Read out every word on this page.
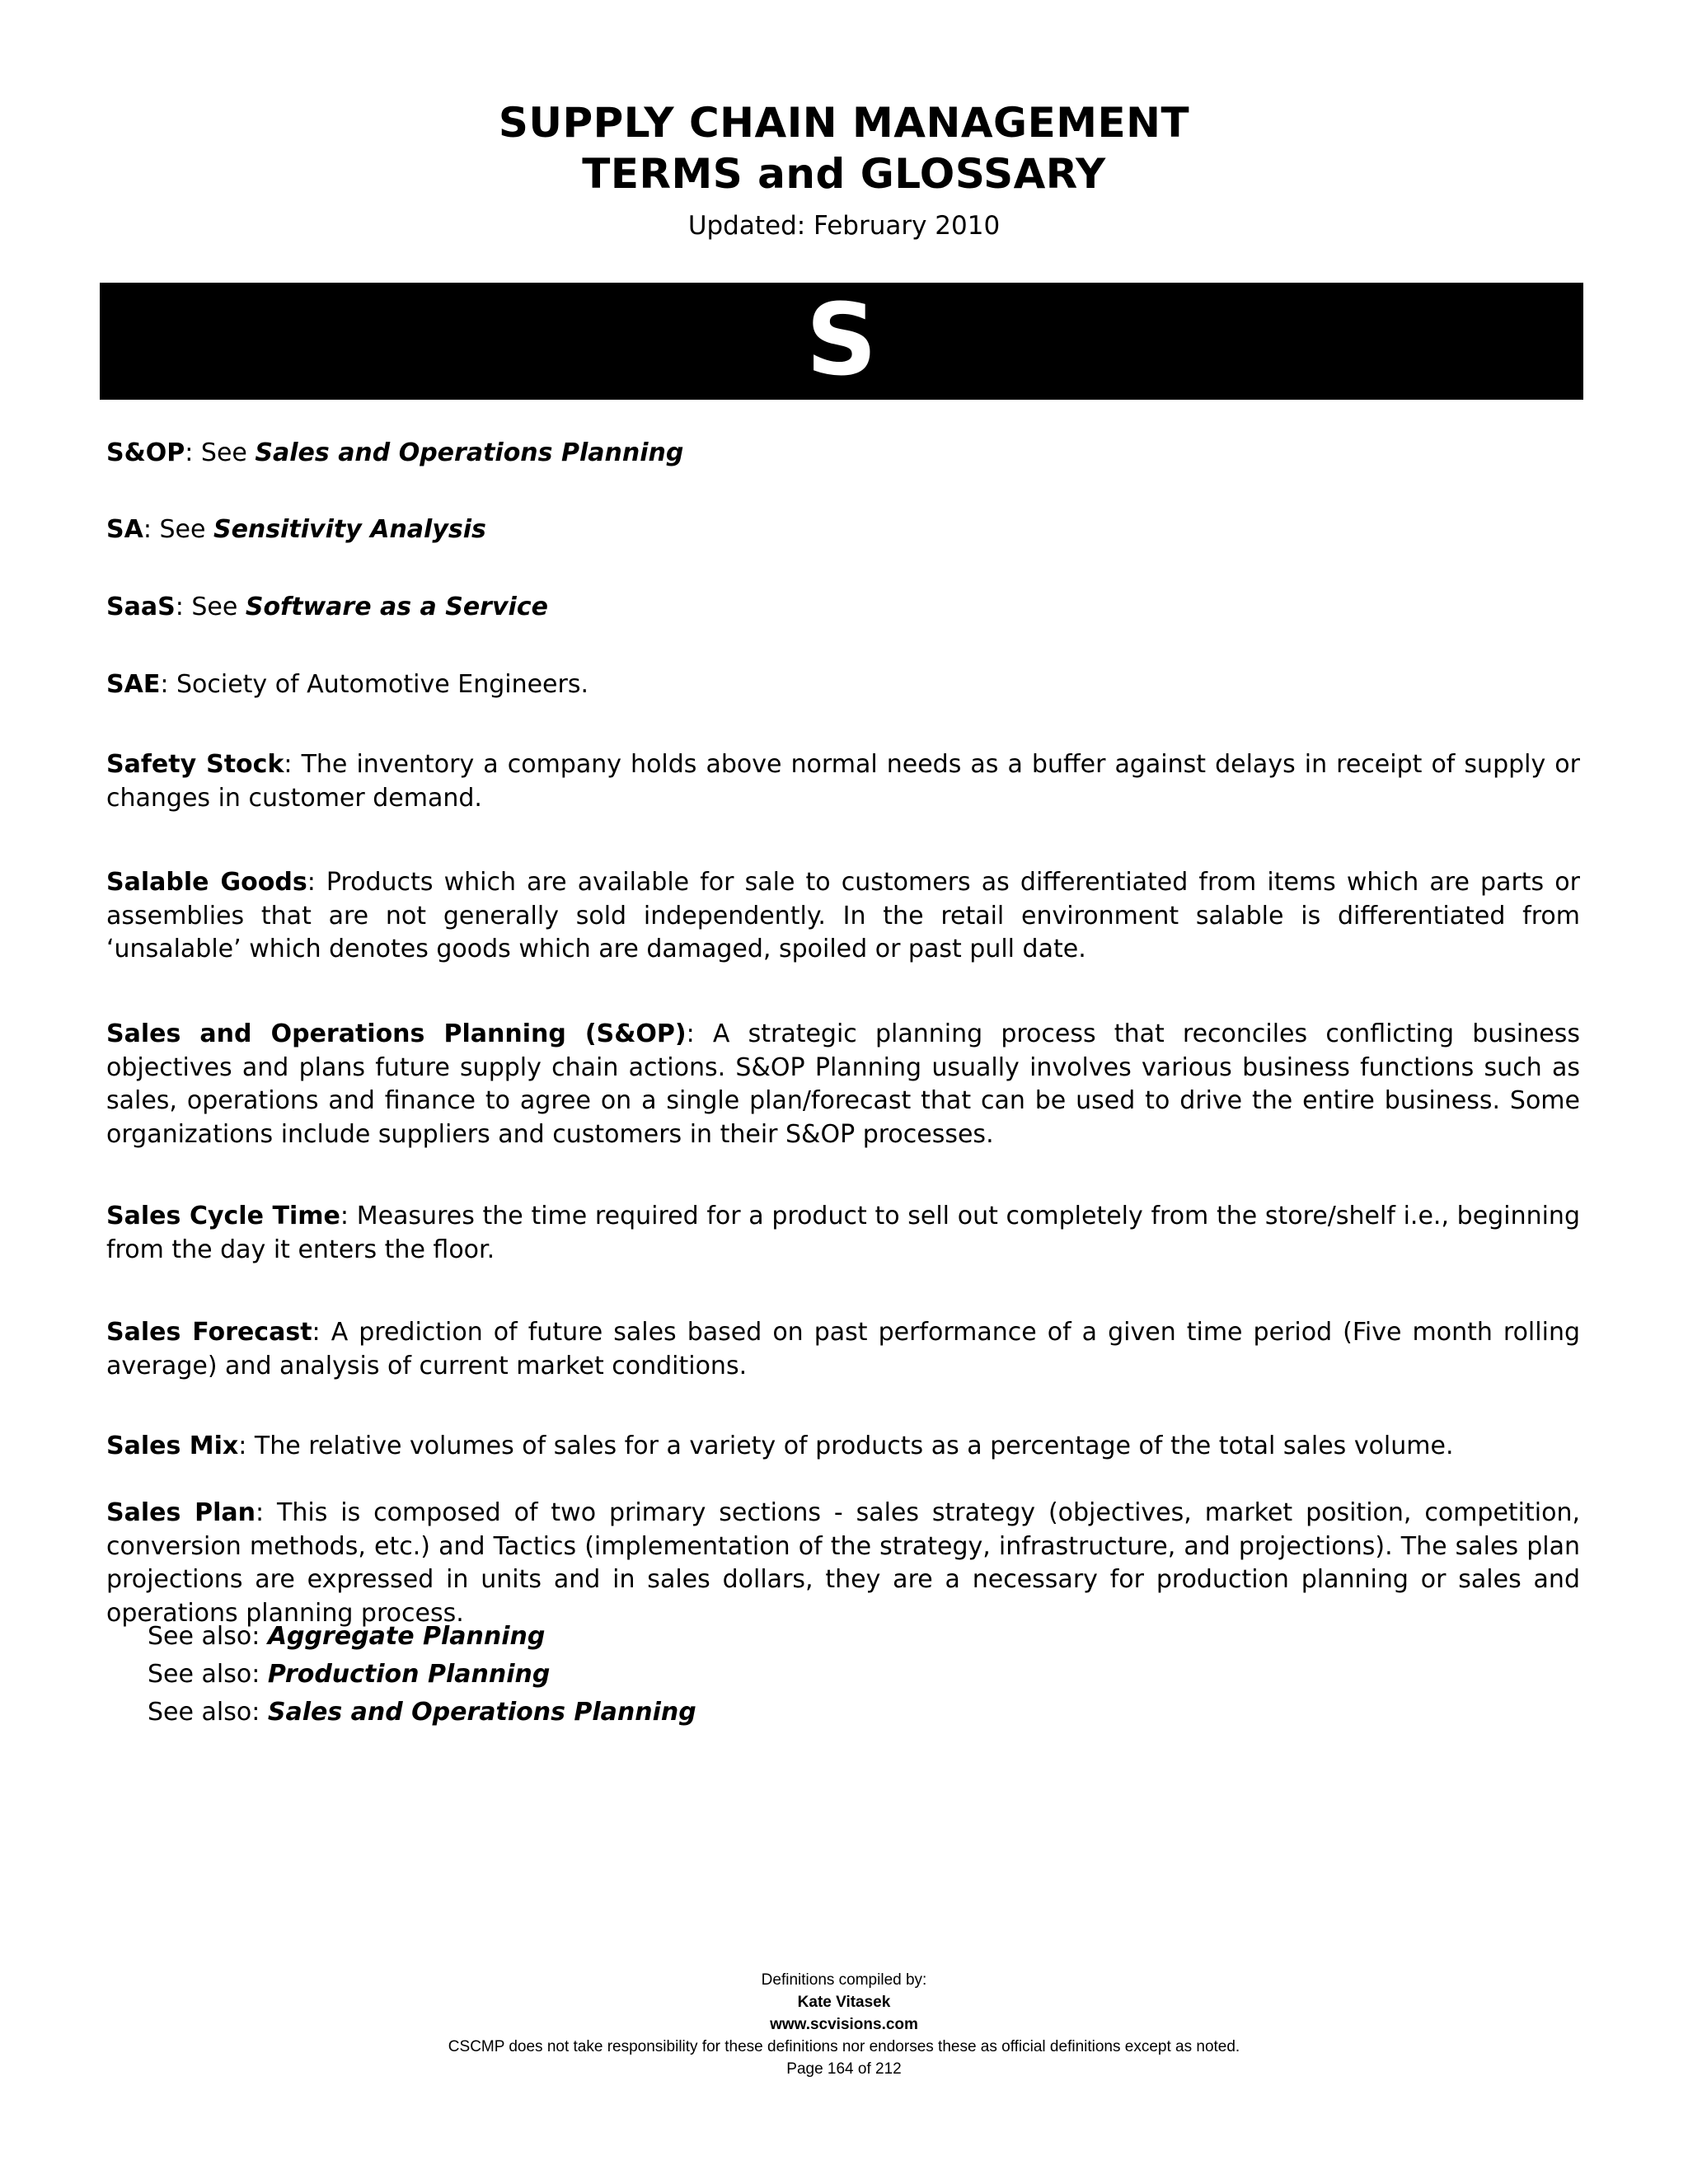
SUPPLY CHAIN MANAGEMENT
TERMS and GLOSSARY
Updated: February 2010
S

S&OP: See Sales and Operations Planning

SA: See Sensitivity Analysis

SaaS: See Software as a Service

SAE: Society of Automotive Engineers.

Safety Stock: The inventory a company holds above normal needs as a buffer against delays in receipt of supply or changes in customer demand.

Salable Goods: Products which are available for sale to customers as differentiated from items which are parts or assemblies that are not generally sold independently. In the retail environment salable is differentiated from ‘unsalable’ which denotes goods which are damaged, spoiled or past pull date.

Sales and Operations Planning (S&OP): A strategic planning process that reconciles conflicting business objectives and plans future supply chain actions. S&OP Planning usually involves various business functions such as sales, operations and finance to agree on a single plan/forecast that can be used to drive the entire business. Some organizations include suppliers and customers in their S&OP processes.

Sales Cycle Time: Measures the time required for a product to sell out completely from the store/shelf i.e., beginning from the day it enters the floor.

Sales Forecast: A prediction of future sales based on past performance of a given time period (Five month rolling average) and analysis of current market conditions.

Sales Mix: The relative volumes of sales for a variety of products as a percentage of the total sales volume.

Sales Plan: This is composed of two primary sections - sales strategy (objectives, market position, competition, conversion methods, etc.) and Tactics (implementation of the strategy, infrastructure, and projections). The sales plan projections are expressed in units and in sales dollars, they are a necessary for production planning or sales and operations planning process.

See also: Aggregate Planning
See also: Production Planning
See also: Sales and Operations Planning
Definitions compiled by:
Kate Vitasek
www.scvisions.com
CSCMP does not take responsibility for these definitions nor endorses these as official definitions except as noted.
Page 164 of 212
